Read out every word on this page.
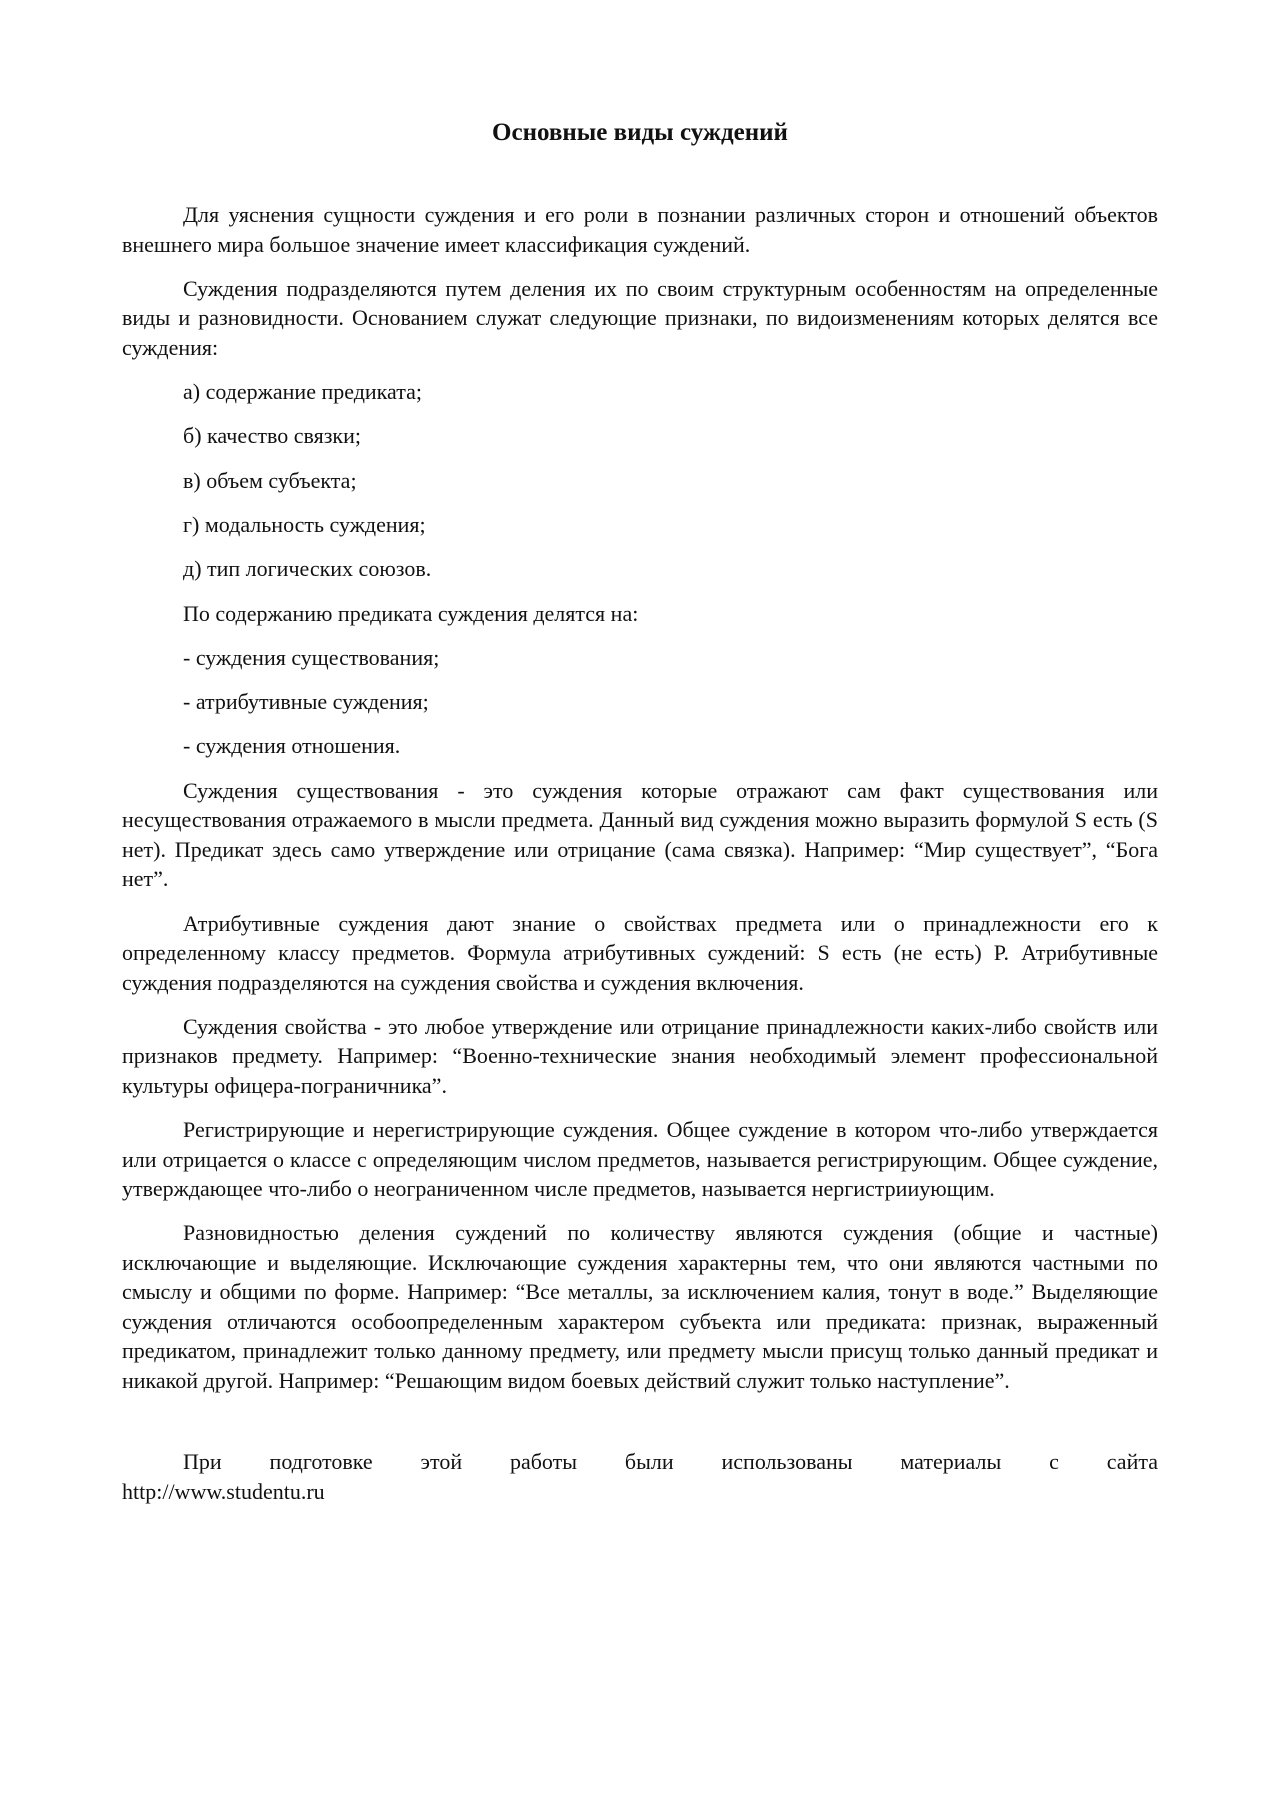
Основные виды суждений

Для уяснения сущности суждения и его роли в познании различных сторон и отношений объектов внешнего мира большое значение имеет классификация суждений.

Суждения подразделяются путем деления их по своим структурным особенностям на определенные виды и разновидности. Основанием служат следующие признаки, по видоизменениям которых делятся все суждения:

а) содержание предиката;

б) качество связки;

в) объем субъекта;

г) модальность суждения;

д) тип логических союзов.

По содержанию предиката суждения делятся на:

- суждения существования;

- атрибутивные суждения;

- суждения отношения.

Суждения существования - это суждения которые отражают сам факт существования или несуществования отражаемого в мысли предмета. Данный вид суждения можно выразить формулой S есть (S нет). Предикат здесь само утверждение или отрицание (сама связка). Например: “Мир существует”, “Бога нет”.

Атрибутивные суждения дают знание о свойствах предмета или о принадлежности его к определенному классу предметов. Формула атрибутивных суждений: S есть (не есть) P. Атрибутивные суждения подразделяются на суждения свойства и суждения включения.

Суждения свойства - это любое утверждение или отрицание принадлежности каких-либо свойств или признаков предмету. Например: “Военно-технические знания необходимый элемент профессиональной культуры офицера-пограничника”.

Регистрирующие и нерегистрирующие суждения. Общее суждение в котором что-либо утверждается или отрицается о классе с определяющим числом предметов, называется регистрирующим. Общее суждение, утверждающее что-либо о неограниченном числе предметов, называется нергистрииующим.

Разновидностью деления суждений по количеству являются суждения (общие и частные) исключающие и выделяющие. Исключающие суждения характерны тем, что они являются частными по смыслу и общими по форме. Например: “Все металлы, за исключением калия, тонут в воде.” Выделяющие суждения отличаются особоопределенным характером субъекта или предиката: признак, выраженный предикатом, принадлежит только данному предмету, или предмету мысли присущ только данный предикат и никакой другой. Например: “Решающим видом боевых действий служит только наступление”.

При подготовке этой работы были использованы материалы с сайта

http://www.studentu.ru
